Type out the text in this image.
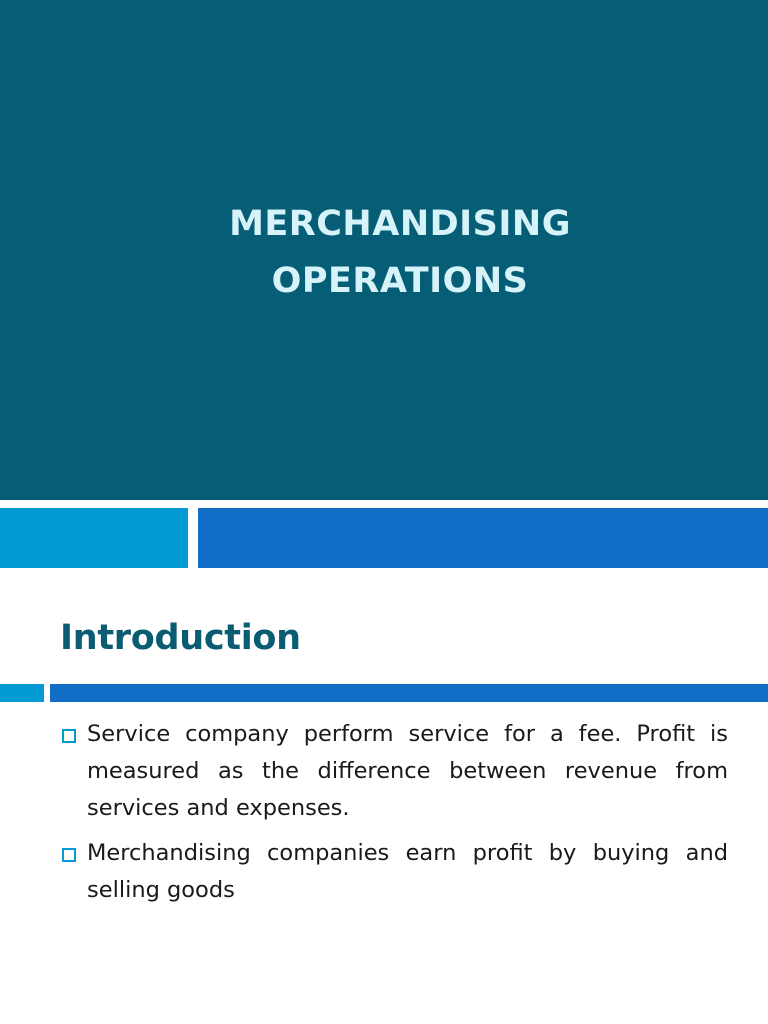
MERCHANDISING
OPERATIONS
Introduction
Service company perform service for a fee. Profit is measured as the difference between revenue from services and expenses.
Merchandising companies earn profit by buying and selling goods
